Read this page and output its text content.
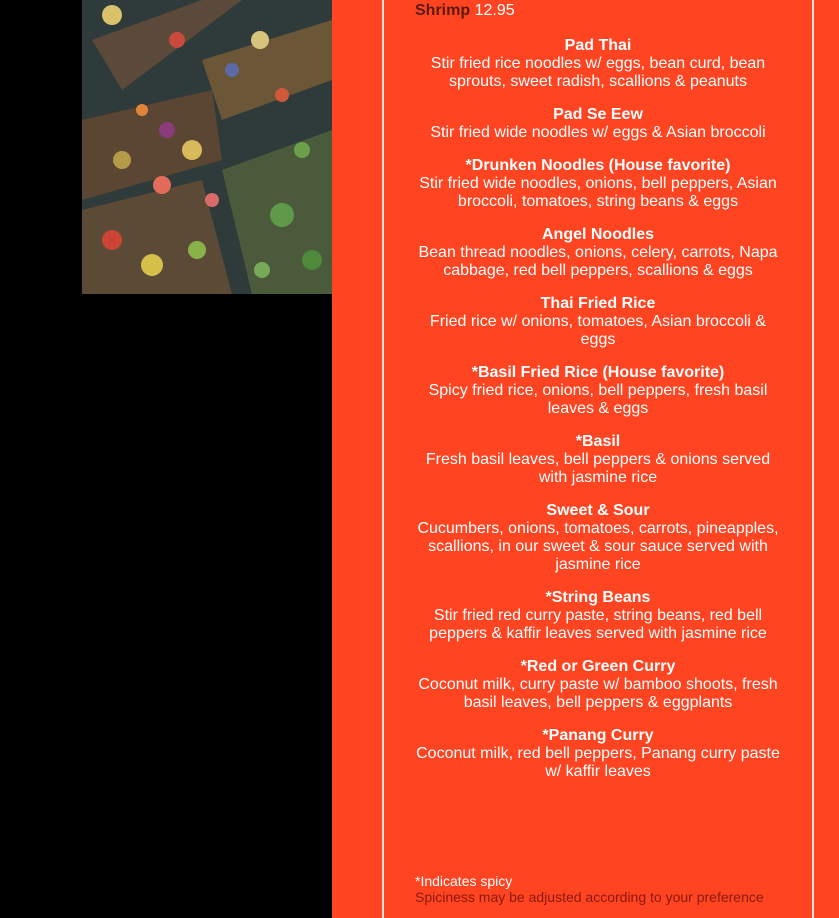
Shrimp 12.95
Pad Thai
Stir fried rice noodles w/ eggs, bean curd, bean sprouts, sweet radish, scallions & peanuts
Pad Se Eew
Stir fried wide noodles w/ eggs & Asian broccoli
*Drunken Noodles (House favorite)
Stir fried wide noodles, onions, bell peppers, Asian broccoli, tomatoes, string beans & eggs
Angel Noodles
Bean thread noodles, onions, celery, carrots, Napa cabbage, red bell peppers, scallions & eggs
Thai Fried Rice
Fried rice w/ onions, tomatoes, Asian broccoli & eggs
*Basil Fried Rice (House favorite)
Spicy fried rice, onions, bell peppers, fresh basil leaves & eggs
*Basil
Fresh basil leaves, bell peppers & onions served with jasmine rice
Sweet & Sour
Cucumbers, onions, tomatoes, carrots, pineapples, scallions, in our sweet & sour sauce served with jasmine rice
*String Beans
Stir fried red curry paste, string beans, red bell peppers & kaffir leaves served with jasmine rice
*Red or Green Curry
Coconut milk, curry paste w/ bamboo shoots, fresh basil leaves, bell peppers & eggplants
*Panang Curry
Coconut milk, red bell peppers, Panang curry paste w/ kaffir leaves
*Indicates spicy
Spiciness may be adjusted according to your preference
